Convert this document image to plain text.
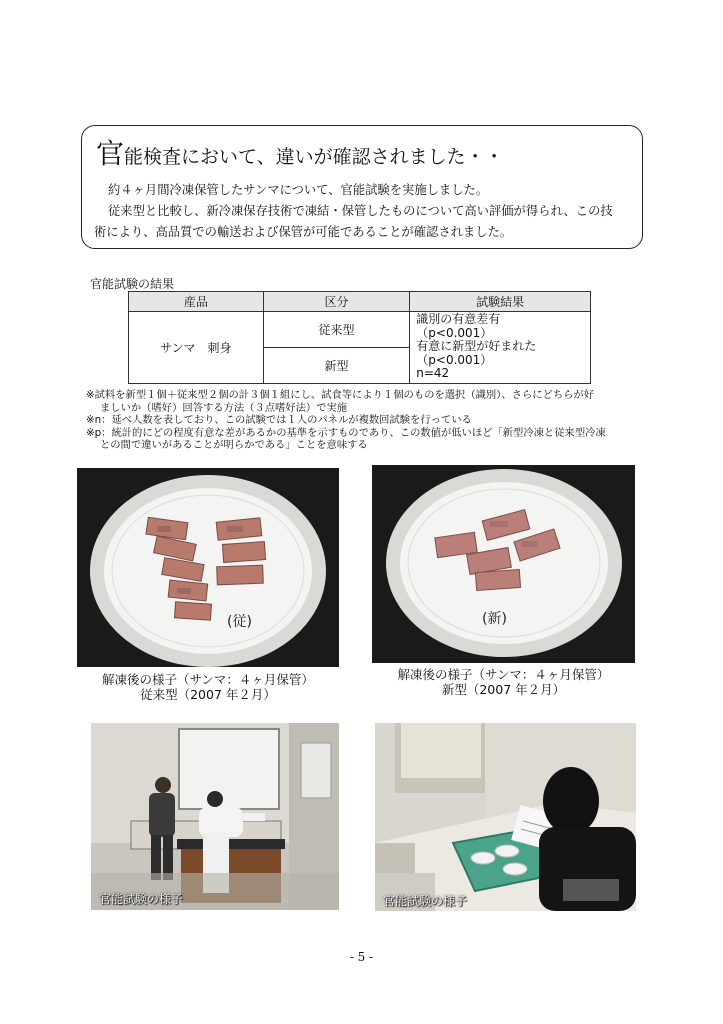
官能検査において、違いが確認されました・・

約４ヶ月間冷凍保管したサンマについて、官能試験を実施しました。

従来型と比較し、新冷凍保存技術で凍結・保管したものについて高い評価が得られ、この技

術により、高品質での輸送および保管が可能であることが確認されました。

官能試験の結果
産品	区分	試験結果
サンマ　刺身	従来型	識別の有意差有
（p<0.001）
有意に新型が好まれた
（p<0.001）
n=42

	新型	
※試料を新型１個＋従来型２個の計３個１組にし、試食等により１個のものを選択（識別）、さらにどちらが好
ましいか（嗜好）回答する方法（３点嗜好法）で実施
※n：延べ人数を表しており、この試験では１人のパネルが複数回試験を行っている
※p：統計的にどの程度有意な差があるかの基準を示すものであり、この数値が低いほど「新型冷凍と従来型冷凍
との間で違いがあることが明らかである」ことを意味する
(従)
解凍後の様子（サンマ：４ヶ月保管）
従来型（2007 年２月）
(新)
解凍後の様子（サンマ：４ヶ月保管）
新型（2007 年２月）
官能試験の様子	官能試験の様子
- 5 -
